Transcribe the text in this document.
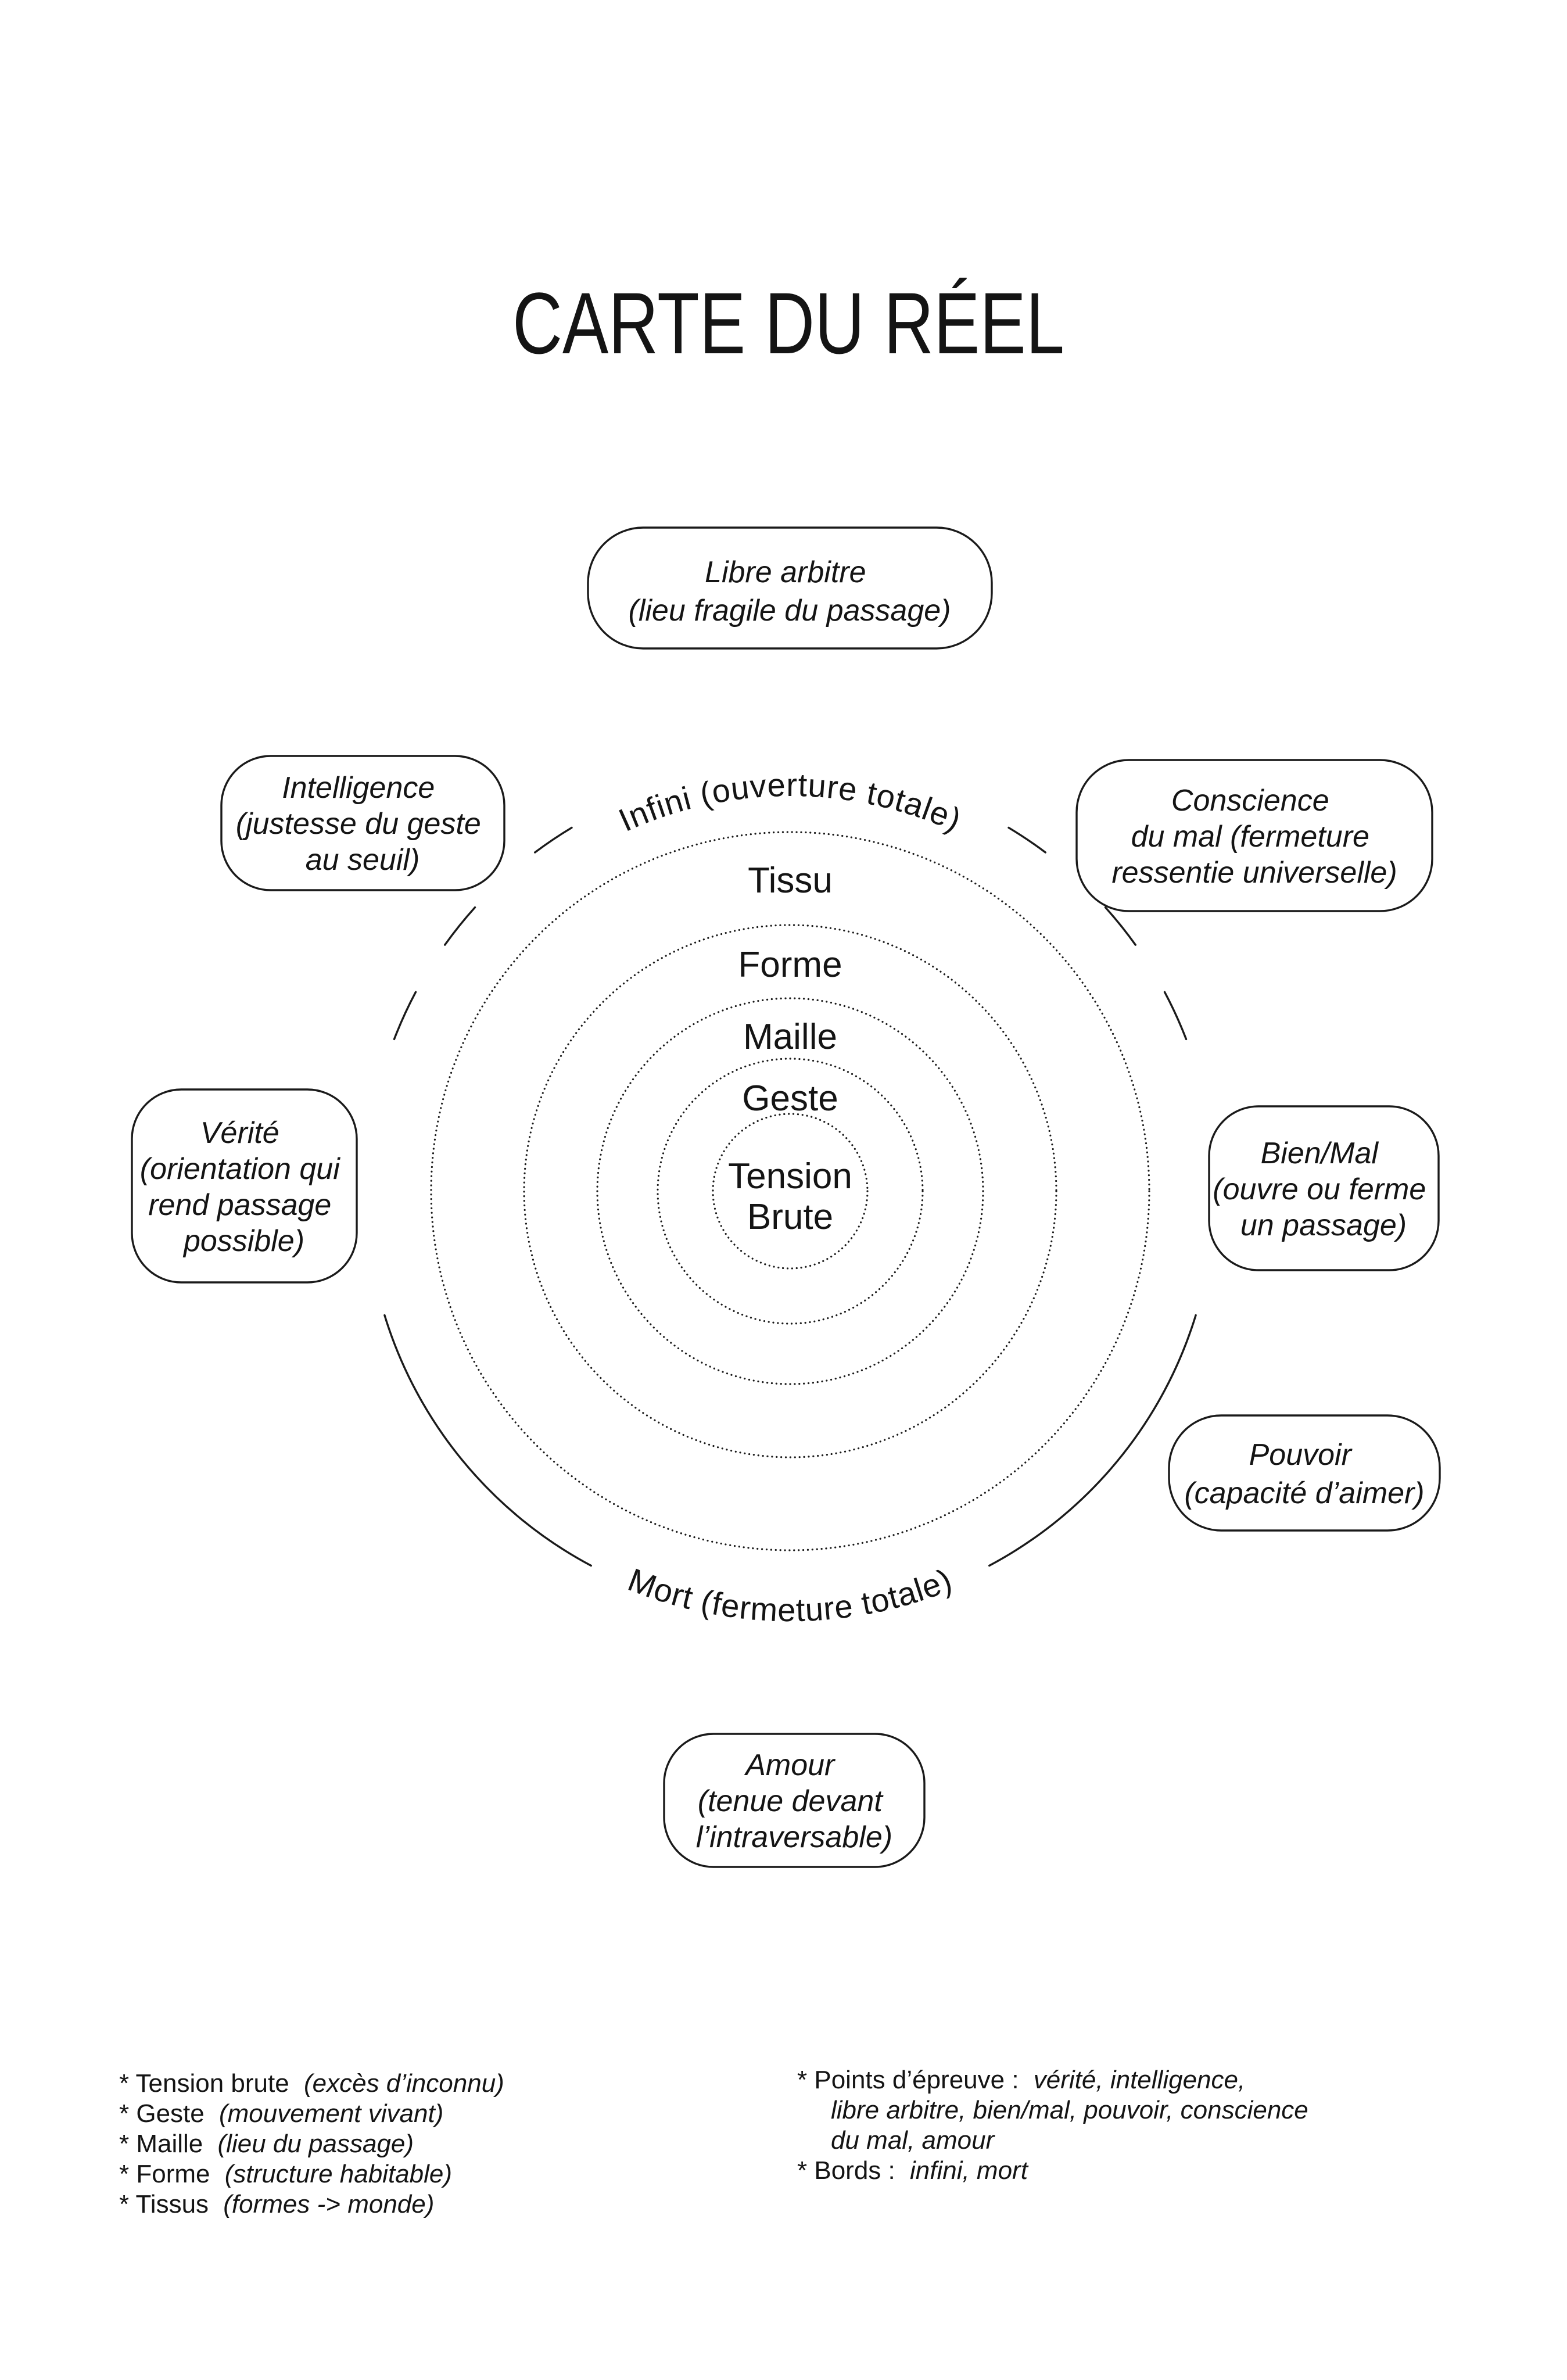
CARTE DU RÉEL
Infini (ouverture totale)
Mort (fermeture totale)
Tissu
Forme
Maille
Geste
Tension
Brute
Libre arbitre (lieu fragile du passage)
Intelligence (justesse du geste au seuil)
Conscience du mal (fermeture ressentie universelle)
Vérité (orientation qui rend passage possible)
Bien/Mal (ouvre ou ferme un passage)
Pouvoir (capacité d’aimer)
Amour (tenue devant l’intraversable)
* Tension brute (excès d’inconnu)
* Geste (mouvement vivant)
* Maille (lieu du passage)
* Forme (structure habitable)
* Tissus (formes -> monde)
* Points d’épreuve : vérité, intelligence,
libre arbitre, bien/mal, pouvoir, conscience
du mal, amour
* Bords : infini, mort
